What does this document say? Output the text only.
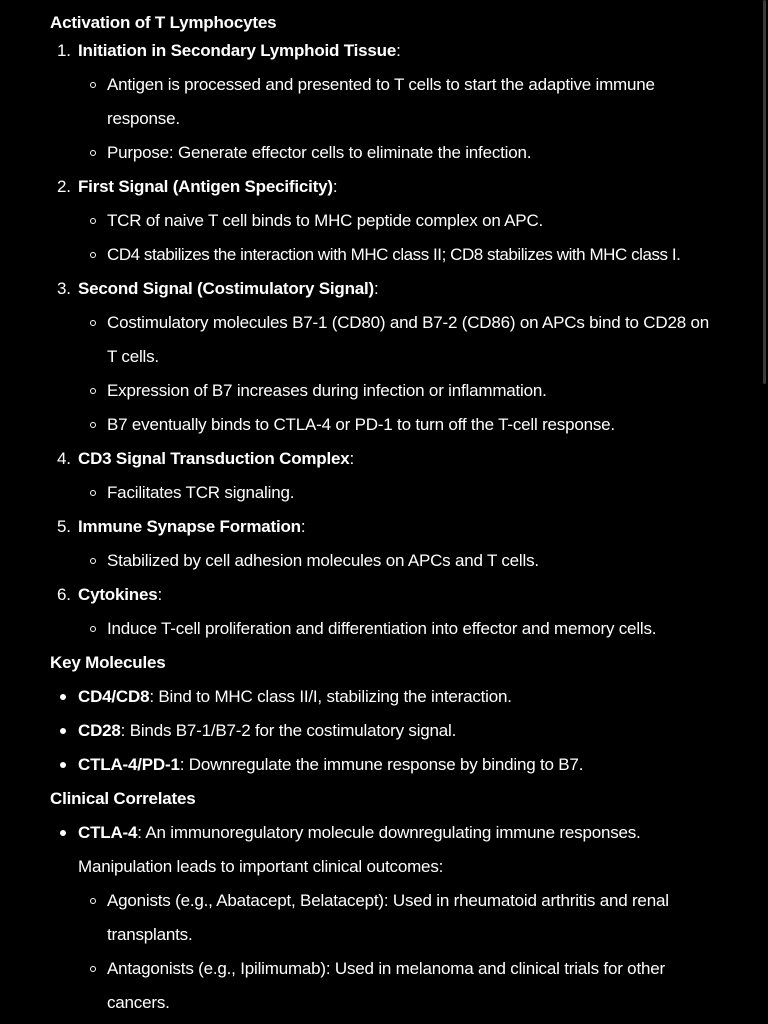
Activation of T Lymphocytes
1. Initiation in Secondary Lymphoid Tissue:
Antigen is processed and presented to T cells to start the adaptive immune response.
Purpose: Generate effector cells to eliminate the infection.
2. First Signal (Antigen Specificity):
TCR of naive T cell binds to MHC peptide complex on APC.
CD4 stabilizes the interaction with MHC class II; CD8 stabilizes with MHC class I.
3. Second Signal (Costimulatory Signal):
Costimulatory molecules B7-1 (CD80) and B7-2 (CD86) on APCs bind to CD28 on T cells.
Expression of B7 increases during infection or inflammation.
B7 eventually binds to CTLA-4 or PD-1 to turn off the T-cell response.
4. CD3 Signal Transduction Complex:
Facilitates TCR signaling.
5. Immune Synapse Formation:
Stabilized by cell adhesion molecules on APCs and T cells.
6. Cytokines:
Induce T-cell proliferation and differentiation into effector and memory cells.
Key Molecules
CD4/CD8: Bind to MHC class II/I, stabilizing the interaction.
CD28: Binds B7-1/B7-2 for the costimulatory signal.
CTLA-4/PD-1: Downregulate the immune response by binding to B7.
Clinical Correlates
CTLA-4: An immunoregulatory molecule downregulating immune responses. Manipulation leads to important clinical outcomes:
Agonists (e.g., Abatacept, Belatacept): Used in rheumatoid arthritis and renal transplants.
Antagonists (e.g., Ipilimumab): Used in melanoma and clinical trials for other cancers.
